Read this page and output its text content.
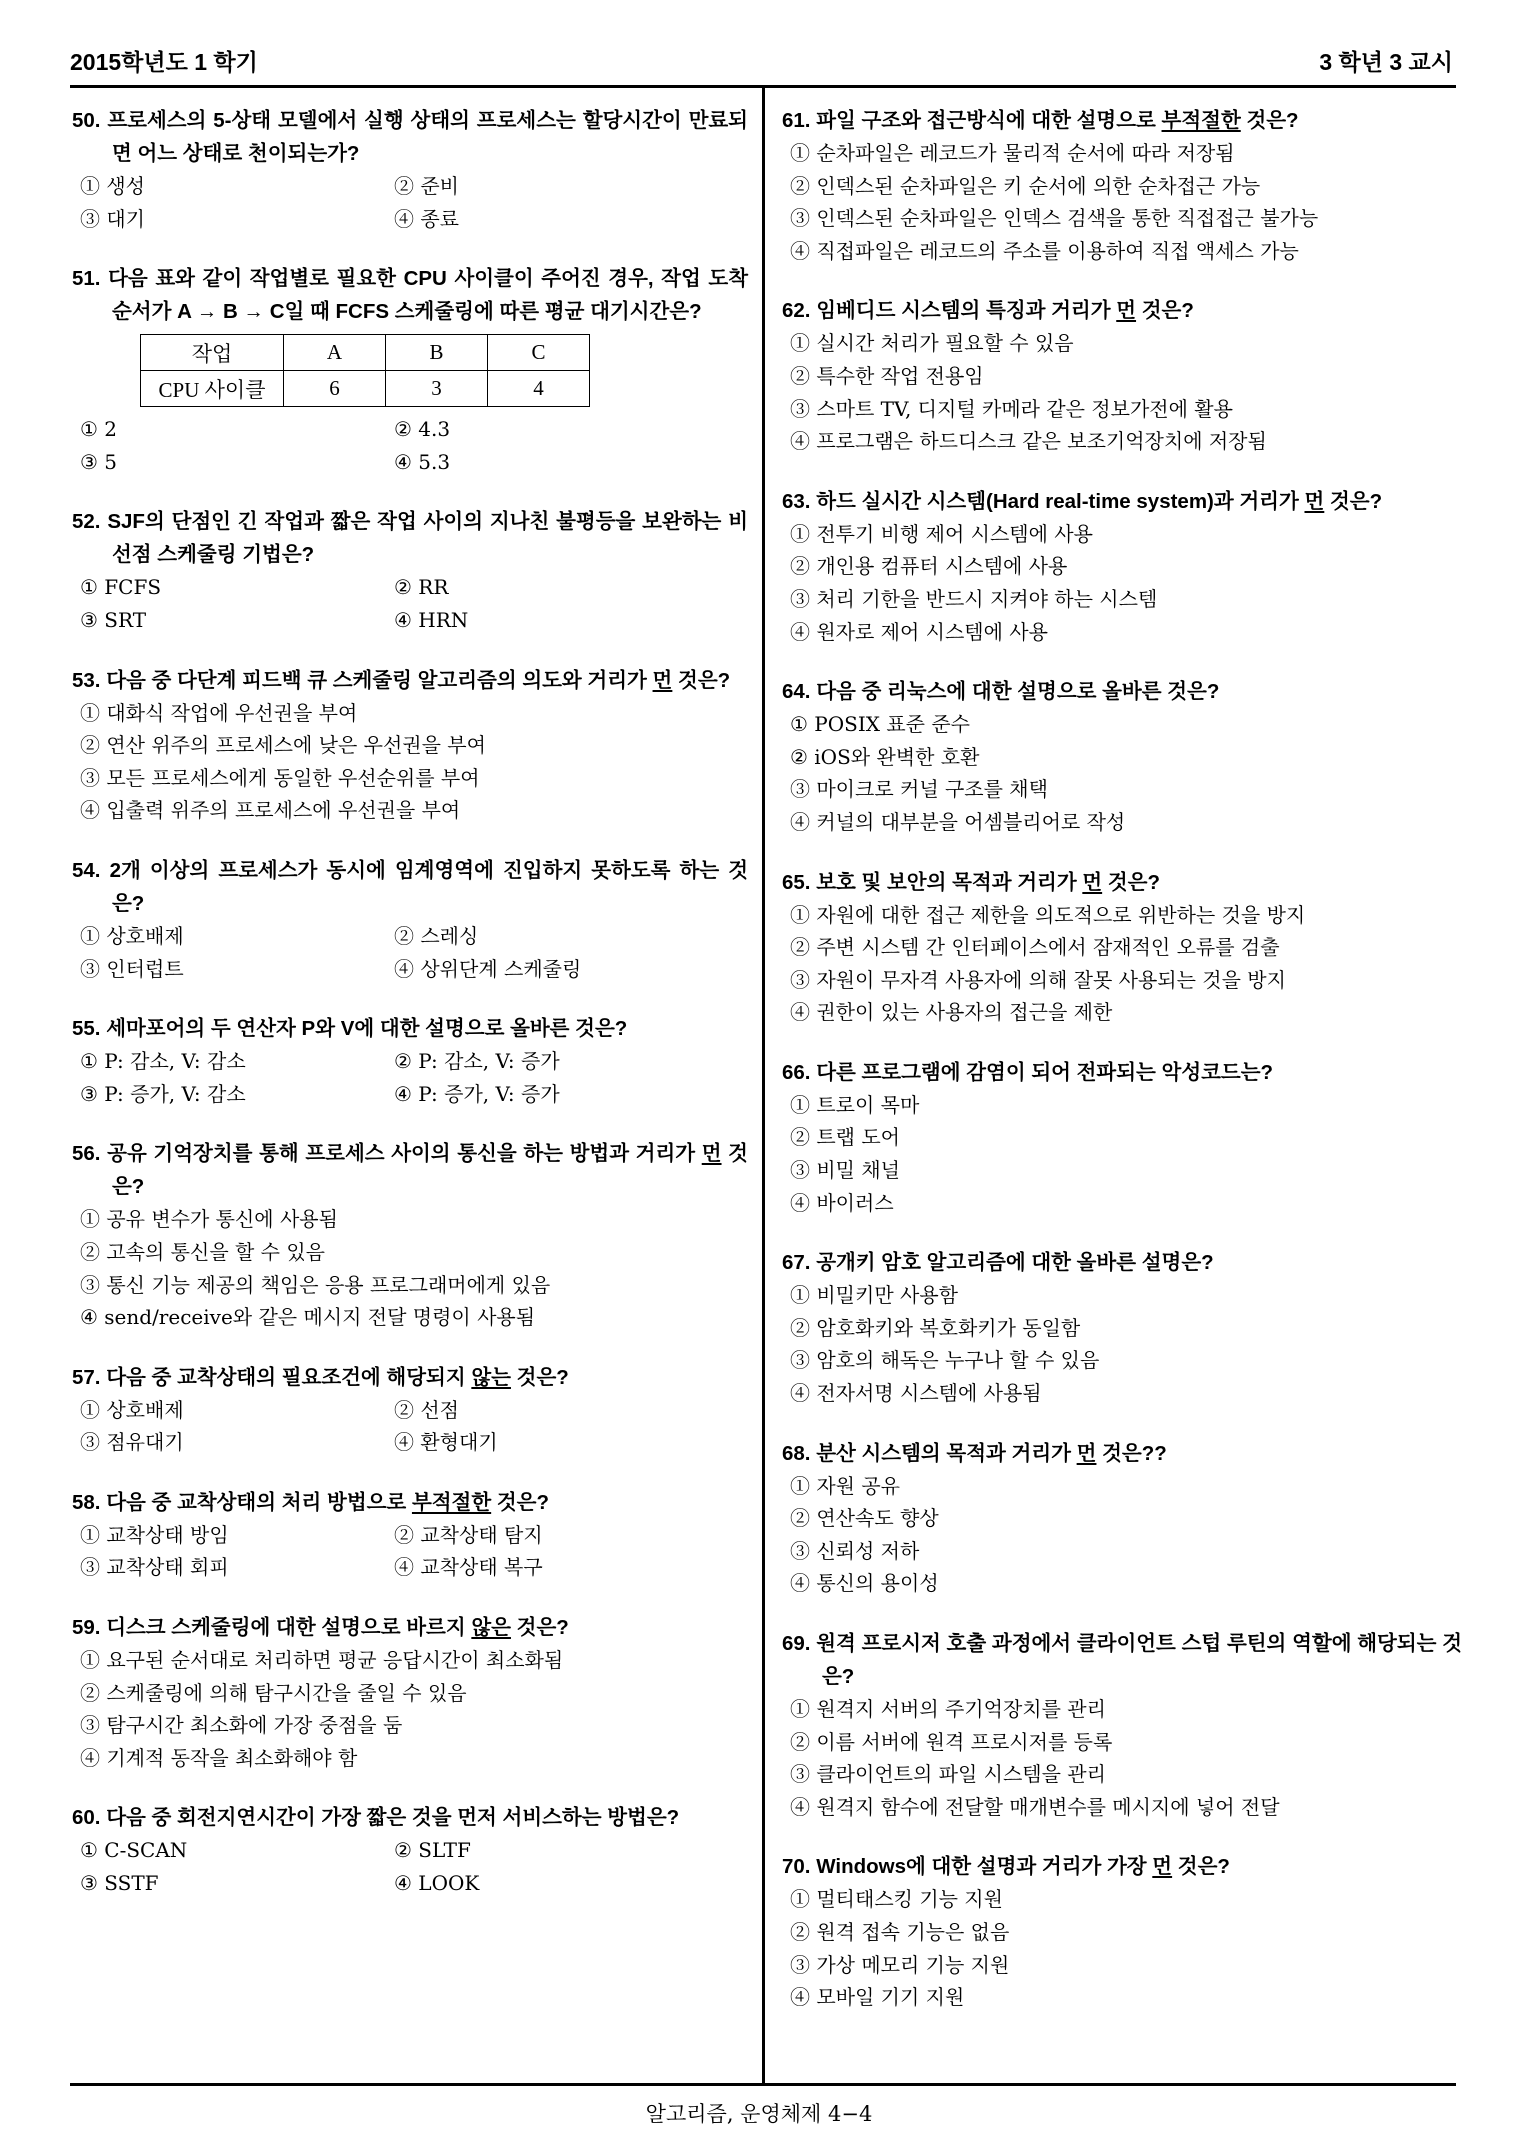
2015학년도 1 학기	3 학년 3 교시
50. 프로세스의 5-상태 모델에서 실행 상태의 프로세스는 할당시간이 만료되면 어느 상태로 천이되는가?
① 생성	② 준비
③ 대기	④ 종료
51. 다음 표와 같이 작업별로 필요한 CPU 사이클이 주어진 경우, 작업 도착 순서가 A → B → C일 때 FCFS 스케줄링에 따른 평균 대기시간은?
작업	A	B	C
CPU 사이클	6	3	4
① 2	② 4.3
③ 5	④ 5.3
52. SJF의 단점인 긴 작업과 짧은 작업 사이의 지나친 불평등을 보완하는 비선점 스케줄링 기법은?
① FCFS	② RR
③ SRT	④ HRN
53. 다음 중 다단계 피드백 큐 스케줄링 알고리즘의 의도와 거리가 먼 것은?
① 대화식 작업에 우선권을 부여
② 연산 위주의 프로세스에 낮은 우선권을 부여
③ 모든 프로세스에게 동일한 우선순위를 부여
④ 입출력 위주의 프로세스에 우선권을 부여
54. 2개 이상의 프로세스가 동시에 임계영역에 진입하지 못하도록 하는 것은?
① 상호배제	② 스레싱
③ 인터럽트	④ 상위단계 스케줄링
55. 세마포어의 두 연산자 P와 V에 대한 설명으로 올바른 것은?
① P: 감소, V: 감소	② P: 감소, V: 증가
③ P: 증가, V: 감소	④ P: 증가, V: 증가
56. 공유 기억장치를 통해 프로세스 사이의 통신을 하는 방법과 거리가 먼 것은?
① 공유 변수가 통신에 사용됨
② 고속의 통신을 할 수 있음
③ 통신 기능 제공의 책임은 응용 프로그래머에게 있음
④ send/receive와 같은 메시지 전달 명령이 사용됨
57. 다음 중 교착상태의 필요조건에 해당되지 않는 것은?
① 상호배제	② 선점
③ 점유대기	④ 환형대기
58. 다음 중 교착상태의 처리 방법으로 부적절한 것은?
① 교착상태 방임	② 교착상태 탐지
③ 교착상태 회피	④ 교착상태 복구
59. 디스크 스케줄링에 대한 설명으로 바르지 않은 것은?
① 요구된 순서대로 처리하면 평균 응답시간이 최소화됨
② 스케줄링에 의해 탐구시간을 줄일 수 있음
③ 탐구시간 최소화에 가장 중점을 둠
④ 기계적 동작을 최소화해야 함
60. 다음 중 회전지연시간이 가장 짧은 것을 먼저 서비스하는 방법은?
① C-SCAN	② SLTF
③ SSTF	④ LOOK
61. 파일 구조와 접근방식에 대한 설명으로 부적절한 것은?
① 순차파일은 레코드가 물리적 순서에 따라 저장됨
② 인덱스된 순차파일은 키 순서에 의한 순차접근 가능
③ 인덱스된 순차파일은 인덱스 검색을 통한 직접접근 불가능
④ 직접파일은 레코드의 주소를 이용하여 직접 액세스 가능
62. 임베디드 시스템의 특징과 거리가 먼 것은?
① 실시간 처리가 필요할 수 있음
② 특수한 작업 전용임
③ 스마트 TV, 디지털 카메라 같은 정보가전에 활용
④ 프로그램은 하드디스크 같은 보조기억장치에 저장됨
63. 하드 실시간 시스템(Hard real-time system)과 거리가 먼 것은?
① 전투기 비행 제어 시스템에 사용
② 개인용 컴퓨터 시스템에 사용
③ 처리 기한을 반드시 지켜야 하는 시스템
④ 원자로 제어 시스템에 사용
64. 다음 중 리눅스에 대한 설명으로 올바른 것은?
① POSIX 표준 준수
② iOS와 완벽한 호환
③ 마이크로 커널 구조를 채택
④ 커널의 대부분을 어셈블리어로 작성
65. 보호 및 보안의 목적과 거리가 먼 것은?
① 자원에 대한 접근 제한을 의도적으로 위반하는 것을 방지
② 주변 시스템 간 인터페이스에서 잠재적인 오류를 검출
③ 자원이 무자격 사용자에 의해 잘못 사용되는 것을 방지
④ 권한이 있는 사용자의 접근을 제한
66. 다른 프로그램에 감염이 되어 전파되는 악성코드는?
① 트로이 목마
② 트랩 도어
③ 비밀 채널
④ 바이러스
67. 공개키 암호 알고리즘에 대한 올바른 설명은?
① 비밀키만 사용함
② 암호화키와 복호화키가 동일함
③ 암호의 해독은 누구나 할 수 있음
④ 전자서명 시스템에 사용됨
68. 분산 시스템의 목적과 거리가 먼 것은??
① 자원 공유
② 연산속도 향상
③ 신뢰성 저하
④ 통신의 용이성
69. 원격 프로시저 호출 과정에서 클라이언트 스텁 루틴의 역할에 해당되는 것은?
① 원격지 서버의 주기억장치를 관리
② 이름 서버에 원격 프로시저를 등록
③ 클라이언트의 파일 시스템을 관리
④ 원격지 함수에 전달할 매개변수를 메시지에 넣어 전달
70. Windows에 대한 설명과 거리가 가장 먼 것은?
① 멀티태스킹 기능 지원
② 원격 접속 기능은 없음
③ 가상 메모리 기능 지원
④ 모바일 기기 지원
알고리즘, 운영체제 4−4
